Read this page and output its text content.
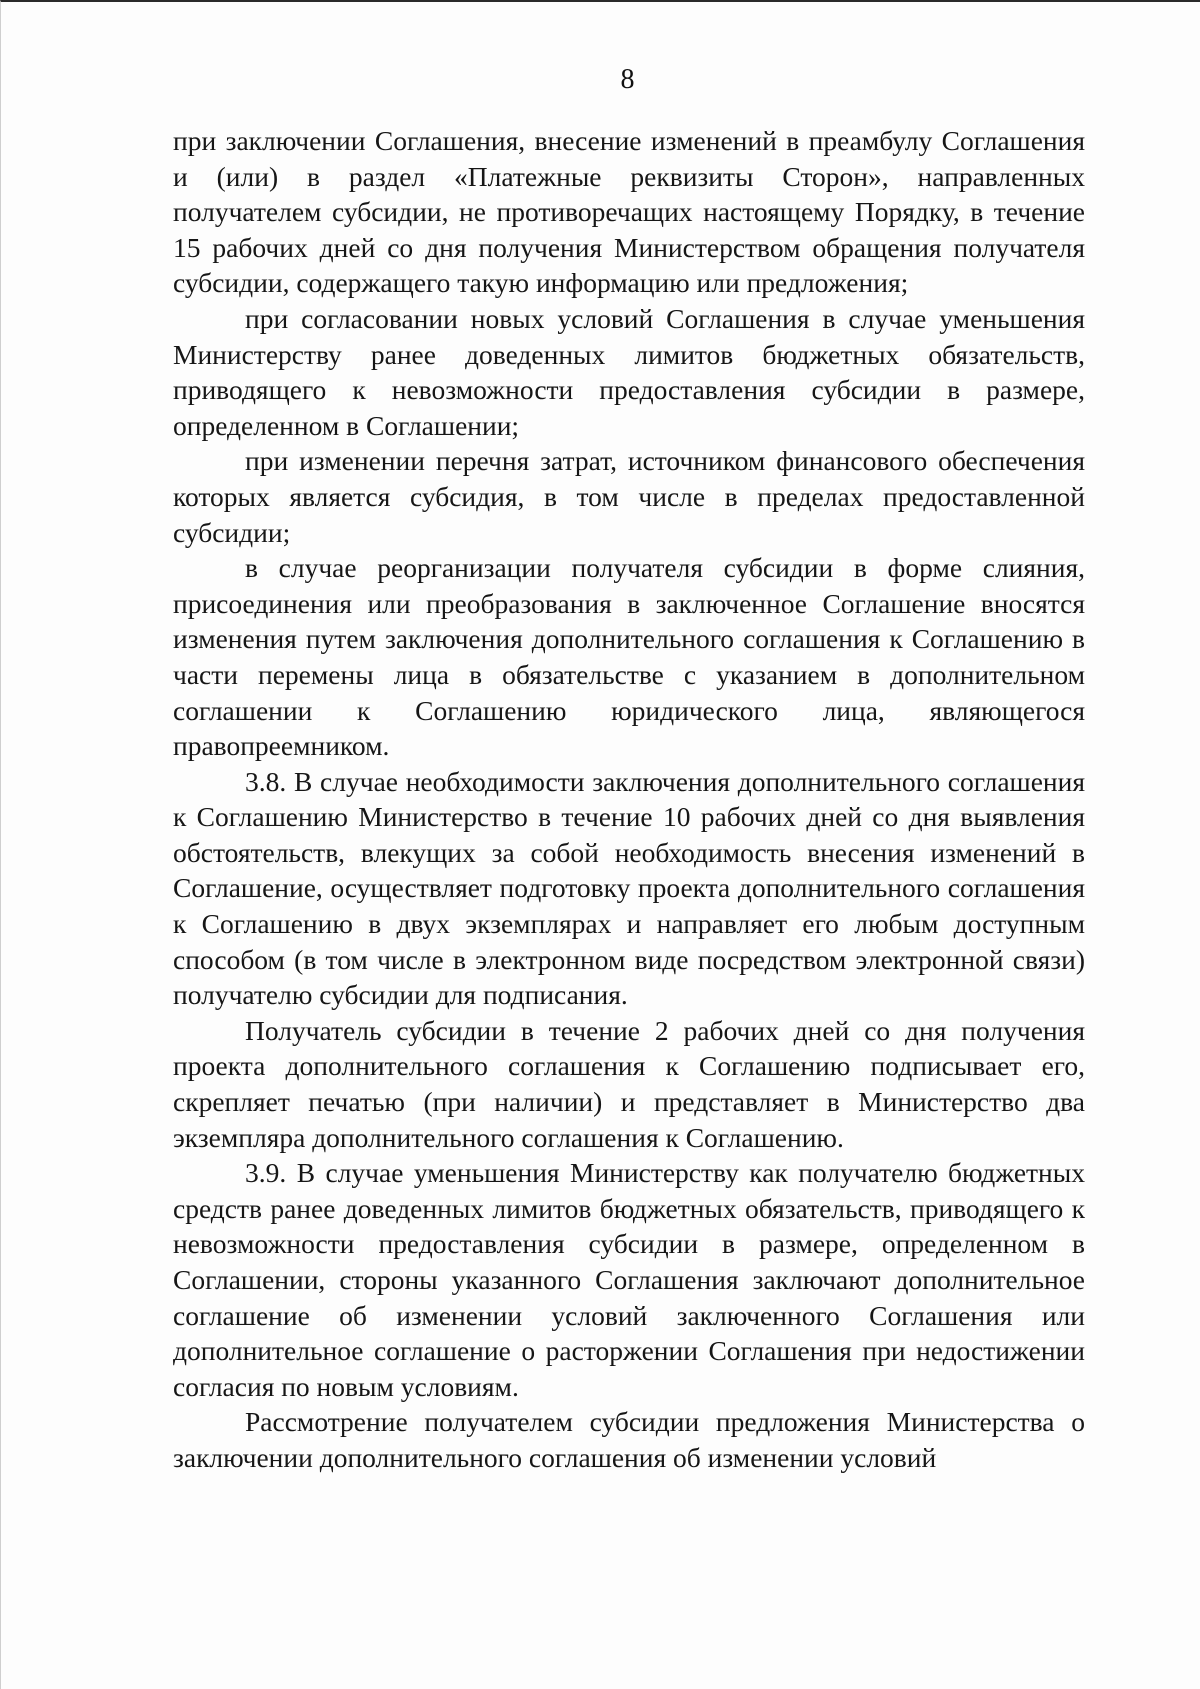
8

при заключении Соглашения, внесение изменений в преамбулу Соглашения и (или) в раздел «Платежные реквизиты Сторон», направленных получателем субсидии, не противоречащих настоящему Порядку, в течение 15 рабочих дней со дня получения Министерством обращения получателя субсидии, содержащего такую информацию или предложения;

при согласовании новых условий Соглашения в случае уменьшения Министерству ранее доведенных лимитов бюджетных обязательств, приводящего к невозможности предоставления субсидии в размере, определенном в Соглашении;

при изменении перечня затрат, источником финансового обеспечения которых является субсидия, в том числе в пределах предоставленной субсидии;

в случае реорганизации получателя субсидии в форме слияния, присоединения или преобразования в заключенное Соглашение вносятся изменения путем заключения дополнительного соглашения к Соглашению в части перемены лица в обязательстве с указанием в дополнительном соглашении к Соглашению юридического лица, являющегося правопреемником.

3.8. В случае необходимости заключения дополнительного соглашения к Соглашению Министерство в течение 10 рабочих дней со дня выявления обстоятельств, влекущих за собой необходимость внесения изменений в Соглашение, осуществляет подготовку проекта дополнительного соглашения к Соглашению в двух экземплярах и направляет его любым доступным способом (в том числе в электронном виде посредством электронной связи) получателю субсидии для подписания.

Получатель субсидии в течение 2 рабочих дней со дня получения проекта дополнительного соглашения к Соглашению подписывает его, скрепляет печатью (при наличии) и представляет в Министерство два экземпляра дополнительного соглашения к Соглашению.

3.9. В случае уменьшения Министерству как получателю бюджетных средств ранее доведенных лимитов бюджетных обязательств, приводящего к невозможности предоставления субсидии в размере, определенном в Соглашении, стороны указанного Соглашения заключают дополнительное соглашение об изменении условий заключенного Соглашения или дополнительное соглашение о расторжении Соглашения при недостижении согласия по новым условиям.

Рассмотрение получателем субсидии предложения Министерства о заключении дополнительного соглашения об изменении условий
